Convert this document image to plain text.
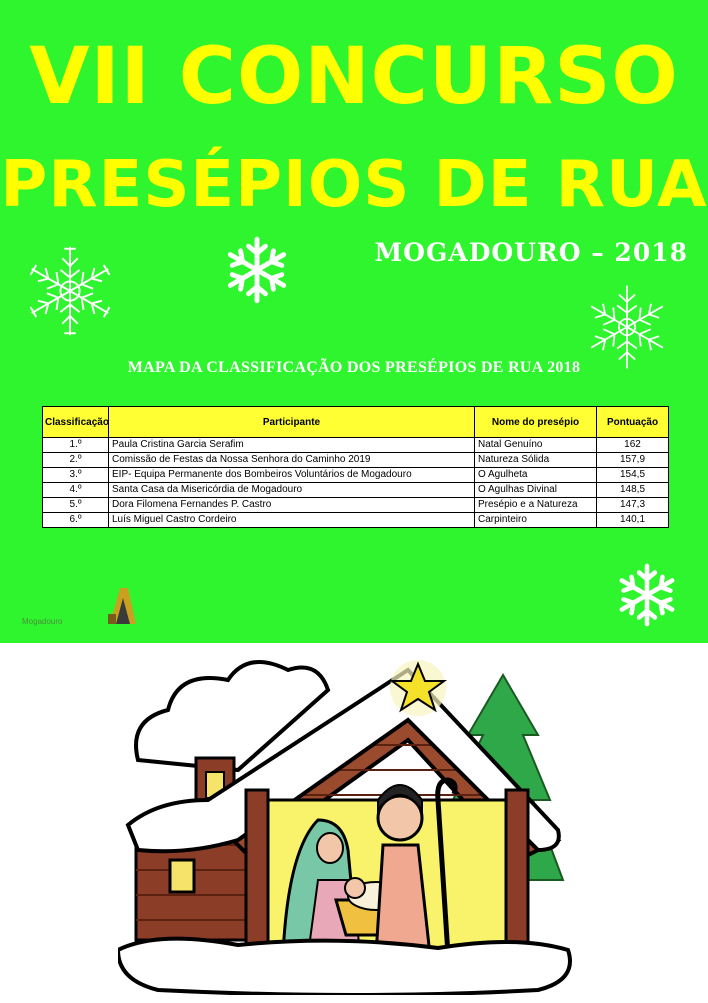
VII CONCURSO
PRESÉPIOS DE RUA
MOGADOURO – 2018
MAPA DA CLASSIFICAÇÃO DOS PRESÉPIOS DE RUA 2018
Classificação	Participante	Nome do presépio	Pontuação
1.º	Paula Cristina Garcia Serafim	Natal Genuíno	162
2.º	Comissão de Festas da Nossa Senhora do Caminho 2019	Natureza Sólida	157,9
3.º	EIP- Equipa Permanente dos Bombeiros Voluntários de Mogadouro	O Agulheta	154,5
4.º	Santa Casa da Misericórdia de Mogadouro	O Agulhas Divinal	148,5
5.º	Dora Filomena Fernandes P. Castro	Presépio e a Natureza	147,3
6.º	Luís Miguel Castro Cordeiro	Carpinteiro	140,1
Mogadouro
